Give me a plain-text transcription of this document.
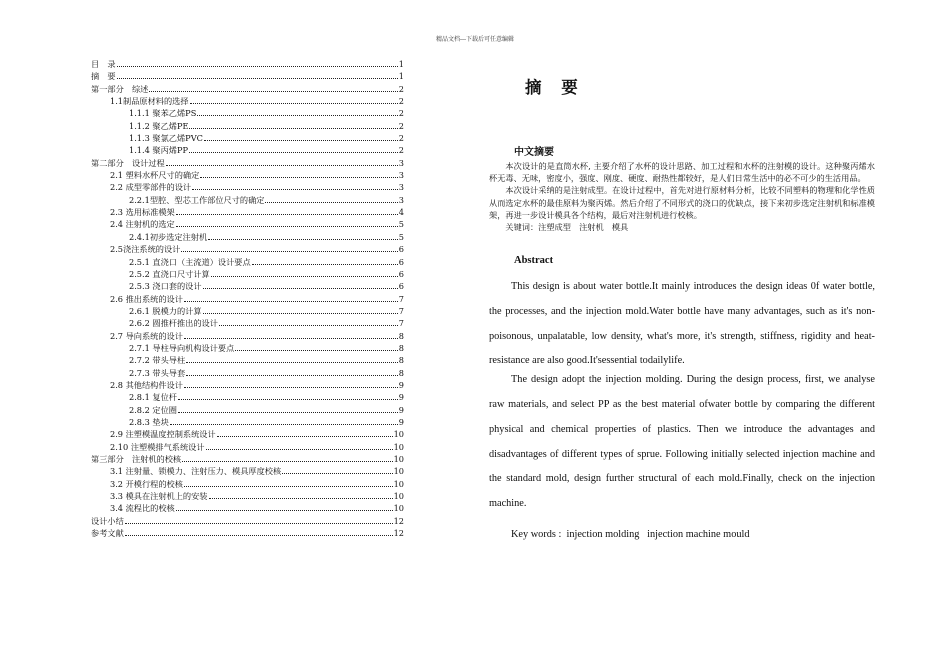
精品文档---下载后可任意编辑
目　录	1
摘　要	1
第一部分　综述	2
1.1制品原材料的选择	2
1.1.1 聚苯乙烯PS	2
1.1.2 聚乙烯PE	2
1.1.3 聚氯乙烯PVC	2
1.1.4 聚丙烯PP	2
第二部分　设计过程	3
2.1 塑料水杯尺寸的确定	3
2.2 成型零部件的设计	3
2.2.1型腔、型芯工作部位尺寸的确定	3
2.3 选用标准模架	4
2.4 注射机的选定	5
2.4.1初步选定注射机	5
2.5浇注系统的设计	6
2.5.1 直浇口（主流道）设计要点	6
2.5.2 直浇口尺寸计算	6
2.5.3 浇口套的设计	6
2.6 推出系统的设计	7
2.6.1 脱模力的计算	7
2.6.2 圆推杆推出的设计	7
2.7 导向系统的设计	8
2.7.1 导柱导向机构设计要点	8
2.7.2 带头导柱	8
2.7.3 带头导套	8
2.8 其他结构件设计	9
2.8.1 复位杆	9
2.8.2 定位圈	9
2.8.3 垫块	9
2.9 注塑模温度控制系统设计	10
2.10 注塑模排气系统设计	10
第三部分　注射机的校核	10
3.1 注射量、锁模力、注射压力、模具厚度校核	10
3.2 开模行程的校核	10
3.3 模具在注射机上的安装	10
3.4 流程比的校核	10
设计小结	12
参考文献	12
摘 要
中文摘要

本次设计的是直筒水杯, 主要介绍了水杯的设计思路、加工过程和水杯的注射模的设计。这种聚丙烯水杯无毒、无味，密度小，强度、刚度、硬度、耐热性都较好，是人们日常生活中的必不可少的生活用品。

本次设计采纳的是注射成型。在设计过程中，首先对进行原材料分析，比较不同塑料的物理和化学性质从而选定水杯的最佳原料为聚丙烯。然后介绍了不同形式的浇口的优缺点，接下来初步选定注射机和标准模架，再进一步设计模具各个结构，最后对注射机进行校核。

关键词：注塑成型　注射机　模具

Abstract

This design is about water bottle.It mainly introduces the design ideas 0f water bottle, the processes, and the injection mold.Water bottle have many advantages, such as it's non-poisonous, unpalatable, low density, what's more, it's strength, stiffness, rigidity and heat-resistance are also good.It'sessential todailylife.

The design adopt the injection molding. During the design process, first, we analyse raw materials, and select PP as the best material ofwater bottle by comparing the different physical and chemical properties of plastics. Then we introduce the advantages and disadvantages of different types of sprue. Following initially selected injection machine and the standard mold, design further structural of each mold.Finally, check on the injection machine.

Key words :  injection molding   injection machine mould
